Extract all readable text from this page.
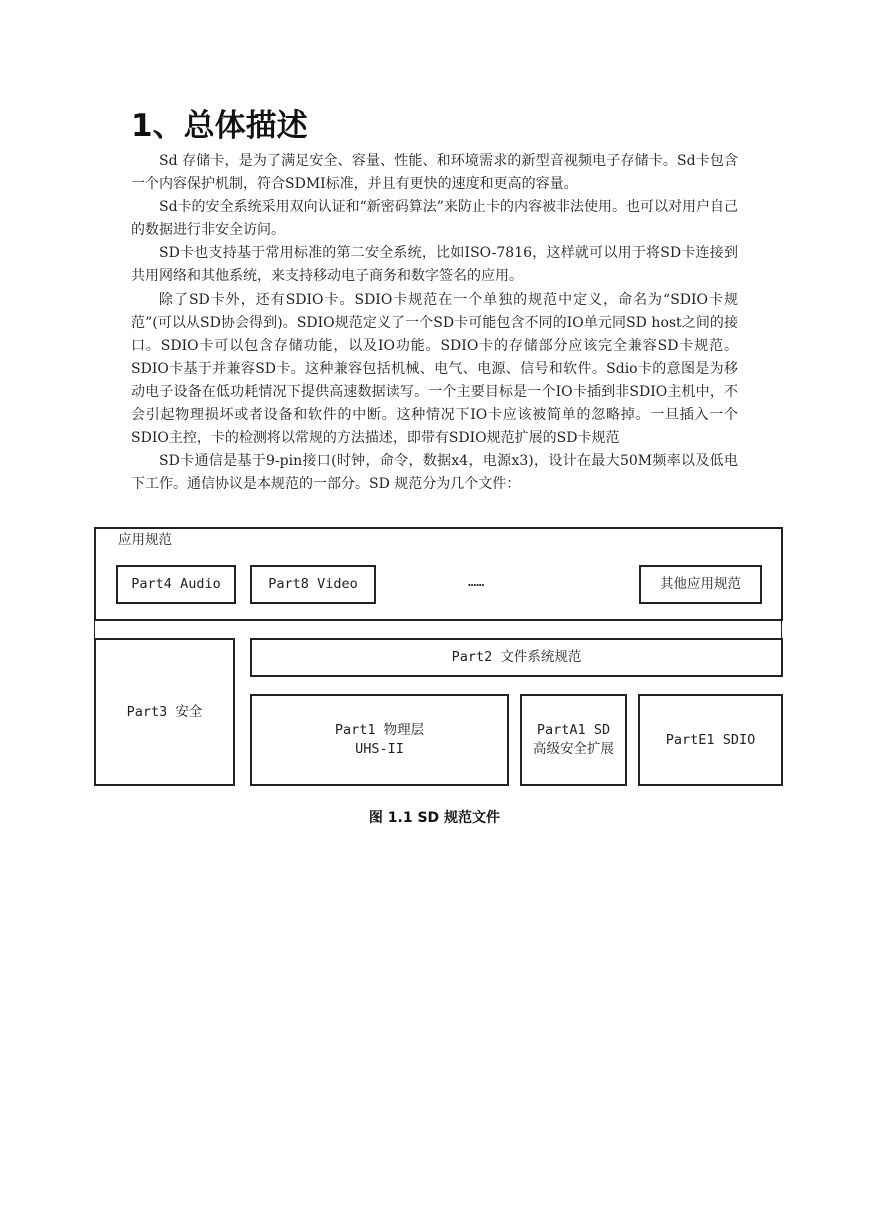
1、总体描述

Sd 存储卡，是为了满足安全、容量、性能、和环境需求的新型音视频电子存储卡。Sd卡包含一个内容保护机制，符合SDMI标准，并且有更快的速度和更高的容量。

Sd卡的安全系统采用双向认证和“新密码算法”来防止卡的内容被非法使用。也可以对用户自己的数据进行非安全访问。

SD卡也支持基于常用标准的第二安全系统，比如ISO-7816，这样就可以用于将SD卡连接到共用网络和其他系统，来支持移动电子商务和数字签名的应用。

除了SD卡外，还有SDIO卡。SDIO卡规范在一个单独的规范中定义，命名为“SDIO卡规范”(可以从SD协会得到)。SDIO规范定义了一个SD卡可能包含不同的IO单元同SD host之间的接口。SDIO卡可以包含存储功能，以及IO功能。SDIO卡的存储部分应该完全兼容SD卡规范。SDIO卡基于并兼容SD卡。这种兼容包括机械、电气、电源、信号和软件。Sdio卡的意图是为移动电子设备在低功耗情况下提供高速数据读写。一个主要目标是一个IO卡插到非SDIO主机中，不会引起物理损坏或者设备和软件的中断。这种情况下IO卡应该被简单的忽略掉。一旦插入一个SDIO主控，卡的检测将以常规的方法描述，即带有SDIO规范扩展的SD卡规范

SD卡通信是基于9-pin接口(时钟，命令，数据x4，电源x3)，设计在最大50M频率以及低电下工作。通信协议是本规范的一部分。SD 规范分为几个文件：

应用规范
Part4 Audio	Part8 Video	……	其他应用规范
Part3 安全
Part2 文件系统规范
Part1 物理层
UHS-II
PartA1 SD
高级安全扩展
PartE1 SDIO
图 1.1 SD 规范文件
